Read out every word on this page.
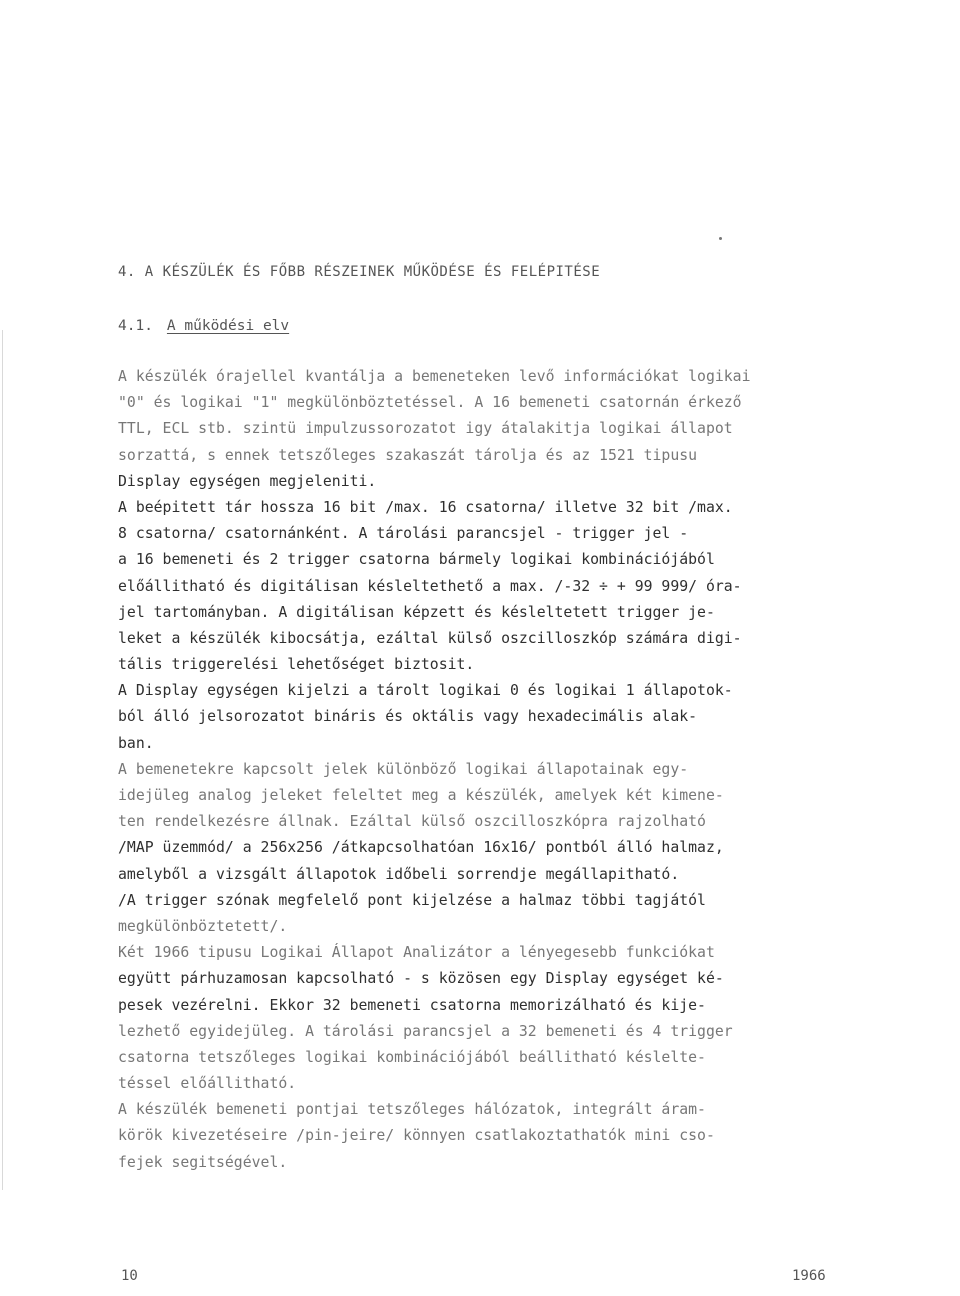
4. A KÉSZÜLÉK ÉS FŐBB RÉSZEINEK MŰKÖDÉSE ÉS FELÉPITÉSE
4.1. A működési elv
A készülék órajellel kvantálja a bemeneteken levő információkat logikai
"0" és logikai "1" megkülönböztetéssel. A 16 bemeneti csatornán érkező
TTL, ECL stb. szintü impulzussorozatot igy átalakitja logikai állapot
sorzattá, s ennek tetszőleges szakaszát tárolja és az 1521 tipusu
Display egységen megjeleniti.
A beépitett tár hossza 16 bit /max. 16 csatorna/ illetve 32 bit /max.
8 csatorna/ csatornánként. A tárolási parancsjel - trigger jel -
a 16 bemeneti és 2 trigger csatorna bármely logikai kombinációjából
előállitható és digitálisan késleltethető a max. /-32 ÷ + 99 999/ óra-
jel tartományban. A digitálisan képzett és késleltetett trigger je-
leket a készülék kibocsátja, ezáltal külső oszcilloszkóp számára digi-
tális triggerelési lehetőséget biztosit.
A Display egységen kijelzi a tárolt logikai 0 és logikai 1 állapotok-
ból álló jelsorozatot bináris és oktális vagy hexadecimális alak-
ban.
A bemenetekre kapcsolt jelek különböző logikai állapotainak egy-
idejüleg analog jeleket feleltet meg a készülék, amelyek két kimene-
ten rendelkezésre állnak. Ezáltal külső oszcilloszkópra rajzolható
/MAP üzemmód/ a 256x256 /átkapcsolhatóan 16x16/ pontból álló halmaz,
amelyből a vizsgált állapotok időbeli sorrendje megállapitható.
/A trigger szónak megfelelő pont kijelzése a halmaz többi tagjától
megkülönböztetett/.
Két 1966 tipusu Logikai Állapot Analizátor a lényegesebb funkciókat
együtt párhuzamosan kapcsolható - s közösen egy Display egységet ké-
pesek vezérelni. Ekkor 32 bemeneti csatorna memorizálható és kije-
lezhető egyidejüleg. A tárolási parancsjel a 32 bemeneti és 4 trigger
csatorna tetszőleges logikai kombinációjából beállitható késlelte-
téssel előállitható.
A készülék bemeneti pontjai tetszőleges hálózatok, integrált áram-
körök kivezetéseire /pin-jeire/ könnyen csatlakoztathatók mini cso-
fejek segitségével.
10	1966
